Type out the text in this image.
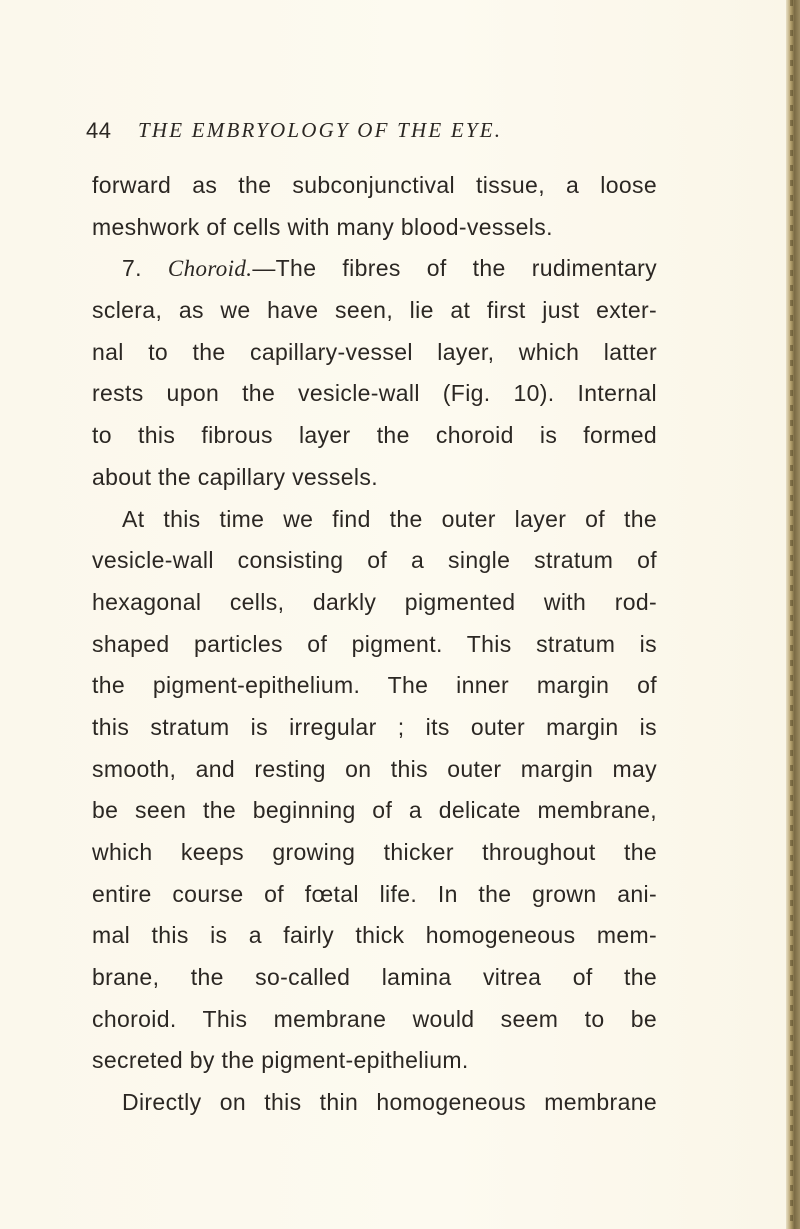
44 THE EMBRYOLOGY OF THE EYE.
forward as the subconjunctival tissue, a loose
meshwork of cells with many blood-vessels.
7. Choroid.—The fibres of the rudimentary
sclera, as we have seen, lie at first just exter-
nal to the capillary-vessel layer, which latter
rests upon the vesicle-wall (Fig. 10). Internal
to this fibrous layer the choroid is formed
about the capillary vessels.
At this time we find the outer layer of the
vesicle-wall consisting of a single stratum of
hexagonal cells, darkly pigmented with rod-
shaped particles of pigment. This stratum is
the pigment-epithelium. The inner margin of
this stratum is irregular ; its outer margin is
smooth, and resting on this outer margin may
be seen the beginning of a delicate membrane,
which keeps growing thicker throughout the
entire course of fœtal life. In the grown ani-
mal this is a fairly thick homogeneous mem-
brane, the so-called lamina vitrea of the
choroid. This membrane would seem to be
secreted by the pigment-epithelium.
Directly on this thin homogeneous membrane
